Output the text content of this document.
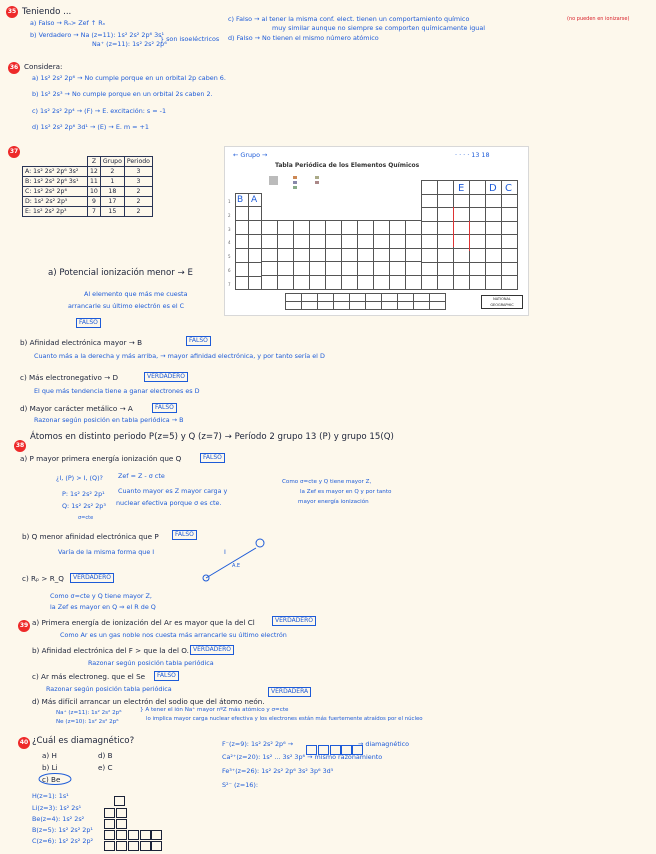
35 Teniendo ...
a) Falso → Rₙ> Zef ↑ Rₙ
b) Verdadero → Na (z=11): 1s² 2s² 2p⁶ 3s¹
Na⁺ (z=11): 1s² 2s² 2p⁶
} son isoeléctricos
c) Falso → al tener la misma conf. elect. tienen un comportamiento químico	(no pueden en ionizarse)
muy similar aunque no siempre se comporten químicamente igual
d) Falso → No tienen el mismo número atómico
36 Considera:
a) 1s² 2s² 2p⁶ → No cumple porque en un orbital 2p caben 6.
b) 1s² 2s³ → No cumple porque en un orbital 2s caben 2.
c) 1s² 2s² 2p⁴ → (F) → E. excitación: s = -1
d) 1s² 2s² 2p⁶ 3d¹ → (E) → E. m = +1
37
	Z	Grupo	Periodo
A: 1s² 2s² 2p⁶ 3s²	12	2	3
B: 1s² 2s² 2p⁶ 3s¹	11	1	3
C: 1s² 2s² 2p⁶	10	18	2
D: 1s² 2s² 2p⁵	9	17	2
E: 1s² 2s² 2p³	7	15	2
← Grupo →	· · · · 13 18
Tabla Periódica de los Elementos Químicos
B A
E D C
1
2
3
4
5
6
7
NATIONAL GEOGRAPHIC
a) Potencial ionización menor → E
Al elemento que más me cuesta
arrancarle su último electrón es el C
FALSO
b) Afinidad electrónica mayor → B	FALSO
Cuanto más a la derecha y más arriba, → mayor afinidad electrónica, y por tanto sería el D
c) Más electronegativo → D	VERDADERO
El que más tendencia tiene a ganar electrones es D
d) Mayor carácter metálico → A	FALSO
Razonar según posición en tabla periódica → B
38
Átomos en distinto periodo P(z=5) y Q (z=7) → Período 2 grupo 13 (P) y grupo 15(Q)
a) P mayor primera energía ionización que Q	FALSO
¿I, (P) > I, (Q)? Zef = Z - σ cte
P: 1s² 2s² 2p¹
Q: 1s² 2s² 2p³
σ=cte
Cuanto mayor es Z mayor carga y
nuclear efectiva porque σ es cte.
Como σ=cte y Q tiene mayor Z,
la Zef es mayor en Q y por tanto
mayor energía ionización
b) Q menor afinidad electrónica que P	FALSO
Varía de la misma forma que I	I
A.E
c) Rₚ > R_Q	VERDADERO
Como σ=cte y Q tiene mayor Z,
la Zef es mayor en Q ⇒ el R de Q
39 a) Primera energía de ionización del Ar es mayor que la del Cl	VERDADERO
Como Ar es un gas noble nos cuesta más arrancarle su último electrón
b) Afinidad electrónica del F > que la del O. VERDADERO
Razonar según posición tabla periódica
c) Ar más electroneg. que el Se	FALSO
Razonar según posición tabla periódica
d) Más difícil arrancar un electrón del sodio que del átomo neón.
VERDADERA
Na⁺ (z=11): 1s² 2s² 2p⁶
Ne (z=10): 1s² 2s² 2p⁶
} A tener el ión Na⁺ mayor nºZ más atómico y σ=cte
lo implica mayor carga nuclear efectiva y los electrones están más fuertemente atraídos por el núcleo
40 ¿Cuál es diamagnético?
a) H
b) Li
c) Be
d) B
e) C
H(z=1): 1s¹
Li(z=3): 1s² 2s¹
Be(z=4): 1s² 2s²
B(z=5): 1s² 2s² 2p¹
C(z=6): 1s² 2s² 2p²
F⁻(z=9): 1s² 2s² 2p⁶ →	→ diamagnético
Ca²⁺(z=20): 1s² ... 3s² 3p⁶ → mismo razonamiento
Fe³⁺(z=26): 1s² 2s² 2p⁶ 3s² 3p⁶ 3d⁵
S²⁻ (z=16):
